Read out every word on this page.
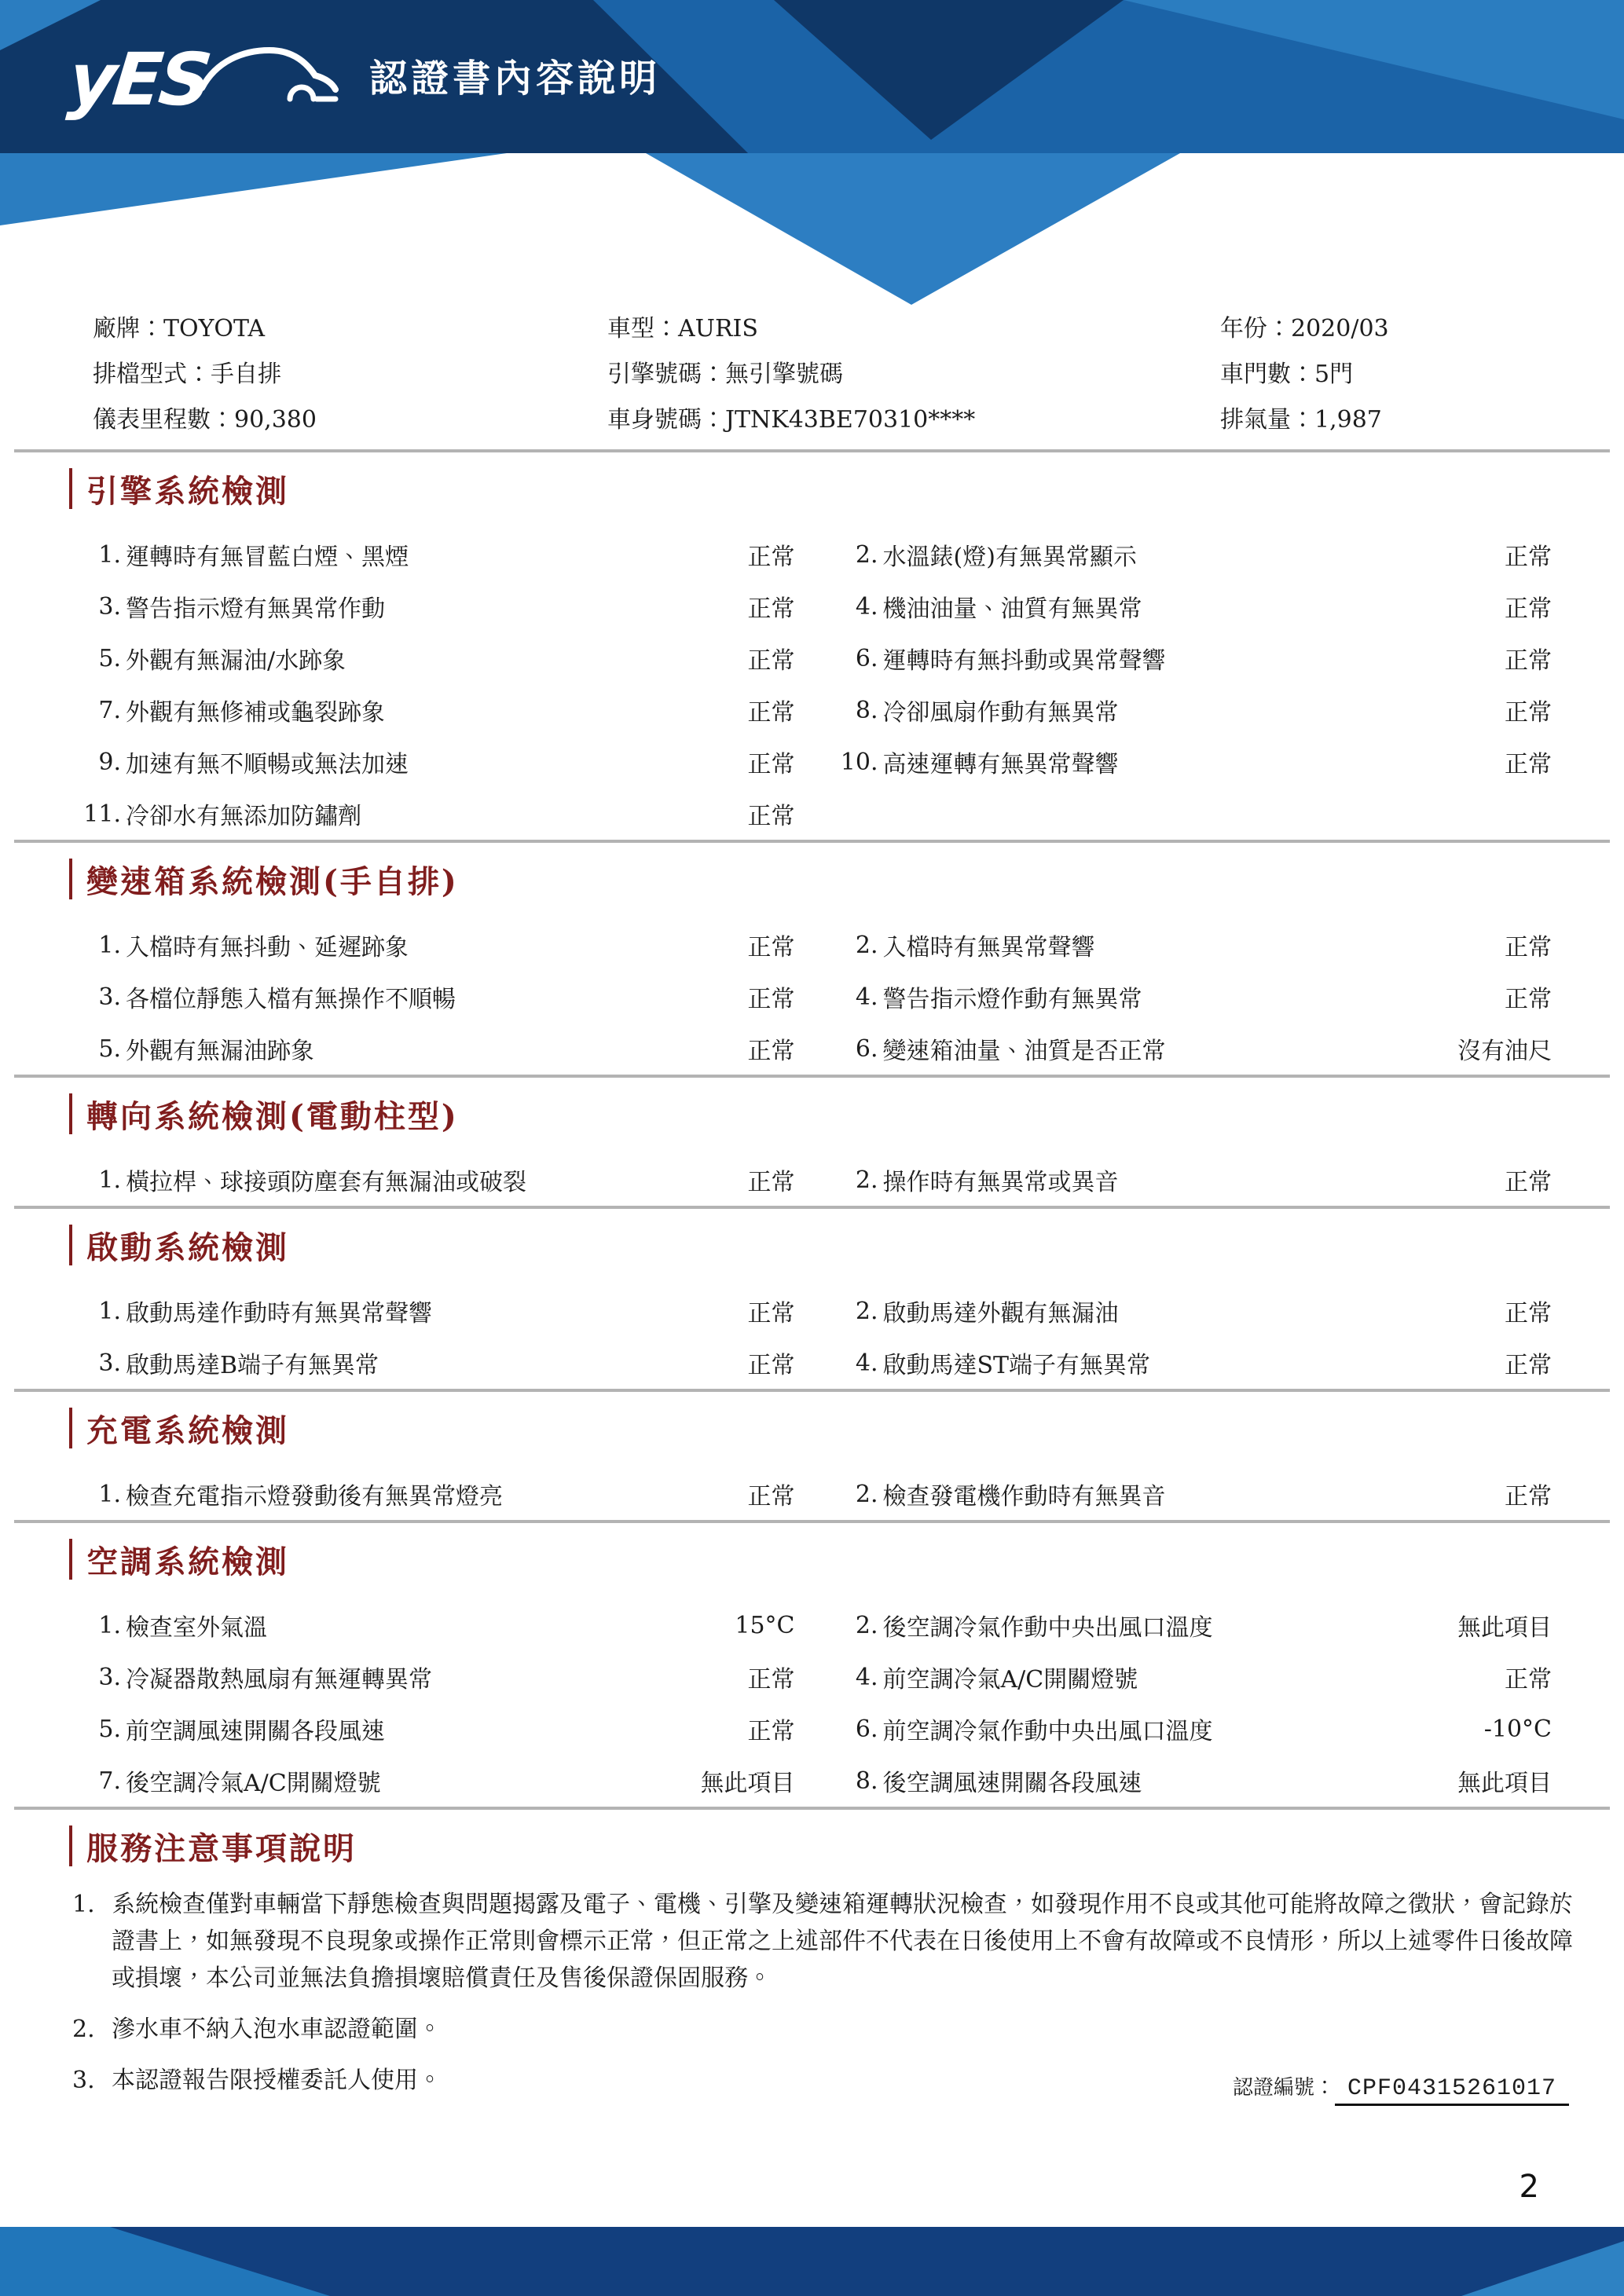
yES	認證書內容說明
廠牌：TOYOTA	車型：AURIS	年份：2020/03
排檔型式：手自排	引擎號碼：無引擎號碼	車門數：5門
儀表里程數：90,380	車身號碼：JTNK43BE70310****	排氣量：1,987
引擎系統檢測
1. 運轉時有無冒藍白煙、黑煙	正常	2. 水溫錶(燈)有無異常顯示	正常
3. 警告指示燈有無異常作動	正常	4. 機油油量、油質有無異常	正常
5. 外觀有無漏油/水跡象	正常	6. 運轉時有無抖動或異常聲響	正常
7. 外觀有無修補或龜裂跡象	正常	8. 冷卻風扇作動有無異常	正常
9. 加速有無不順暢或無法加速	正常	10. 高速運轉有無異常聲響	正常
11. 冷卻水有無添加防鏽劑	正常
變速箱系統檢測(手自排)
1. 入檔時有無抖動、延遲跡象	正常	2. 入檔時有無異常聲響	正常
3. 各檔位靜態入檔有無操作不順暢	正常	4. 警告指示燈作動有無異常	正常
5. 外觀有無漏油跡象	正常	6. 變速箱油量、油質是否正常	沒有油尺
轉向系統檢測(電動柱型)
1. 橫拉桿、球接頭防塵套有無漏油或破裂	正常	2. 操作時有無異常或異音	正常
啟動系統檢測
1. 啟動馬達作動時有無異常聲響	正常	2. 啟動馬達外觀有無漏油	正常
3. 啟動馬達B端子有無異常	正常	4. 啟動馬達ST端子有無異常	正常
充電系統檢測
1. 檢查充電指示燈發動後有無異常燈亮	正常	2. 檢查發電機作動時有無異音	正常
空調系統檢測
1. 檢查室外氣溫	15°C	2. 後空調冷氣作動中央出風口溫度	無此項目
3. 冷凝器散熱風扇有無運轉異常	正常	4. 前空調冷氣A/C開關燈號	正常
5. 前空調風速開關各段風速	正常	6. 前空調冷氣作動中央出風口溫度	-10°C
7. 後空調冷氣A/C開關燈號	無此項目	8. 後空調風速開關各段風速	無此項目
服務注意事項說明
1. 系統檢查僅對車輛當下靜態檢查與問題揭露及電子、電機、引擎及變速箱運轉狀況檢查，如發現作用不良或其他可能將故障之徵狀，會記錄於證書上，如無發現不良現象或操作正常則會標示正常，但正常之上述部件不代表在日後使用上不會有故障或不良情形，所以上述零件日後故障或損壞，本公司並無法負擔損壞賠償責任及售後保證保固服務。
2. 滲水車不納入泡水車認證範圍。
3. 本認證報告限授權委託人使用。	認證編號： CPF04315261017
2
